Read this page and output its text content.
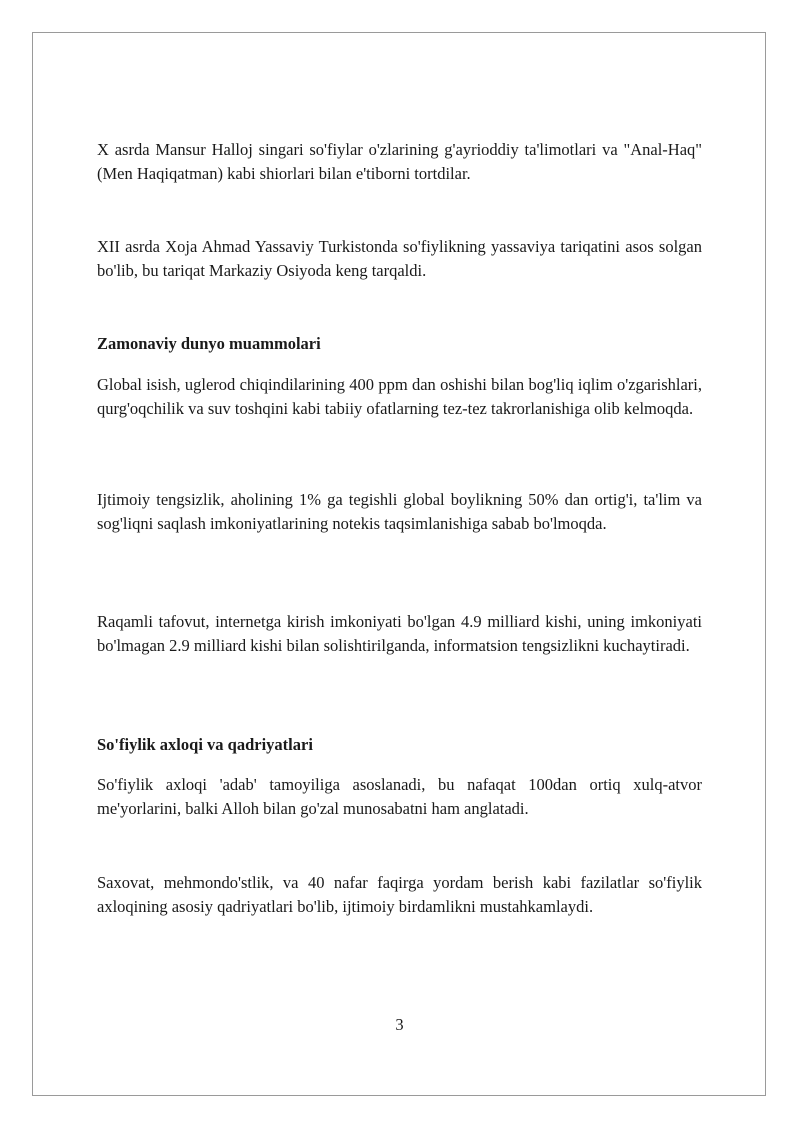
X asrda Mansur Halloj singari so'fiylar o'zlarining g'ayrioddiy ta'limotlari va "Anal-Haq" (Men Haqiqatman) kabi shiorlari bilan e'tiborni tortdilar.

XII asrda Xoja Ahmad Yassaviy Turkistonda so'fiylikning yassaviya tariqatini asos solgan bo'lib, bu tariqat Markaziy Osiyoda keng tarqaldi.

Zamonaviy dunyo muammolari

Global isish, uglerod chiqindilarining 400 ppm dan oshishi bilan bog'liq iqlim o'zgarishlari, qurg'oqchilik va suv toshqini kabi tabiiy ofatlarning tez-tez takrorlanishiga olib kelmoqda.

Ijtimoiy tengsizlik, aholining 1% ga tegishli global boylikning 50% dan ortig'i, ta'lim va sog'liqni saqlash imkoniyatlarining notekis taqsimlanishiga sabab bo'lmoqda.

Raqamli tafovut, internetga kirish imkoniyati bo'lgan 4.9 milliard kishi, uning imkoniyati bo'lmagan 2.9 milliard kishi bilan solishtirilganda, informatsion tengsizlikni kuchaytiradi.

So'fiylik axloqi va qadriyatlari

So'fiylik axloqi 'adab' tamoyiliga asoslanadi, bu nafaqat 100dan ortiq xulq-atvor me'yorlarini, balki Alloh bilan go'zal munosabatni ham anglatadi.

Saxovat, mehmondo'stlik, va 40 nafar faqirga yordam berish kabi fazilatlar so'fiylik axloqining asosiy qadriyatlari bo'lib, ijtimoiy birdamlikni mustahkamlaydi.

3
